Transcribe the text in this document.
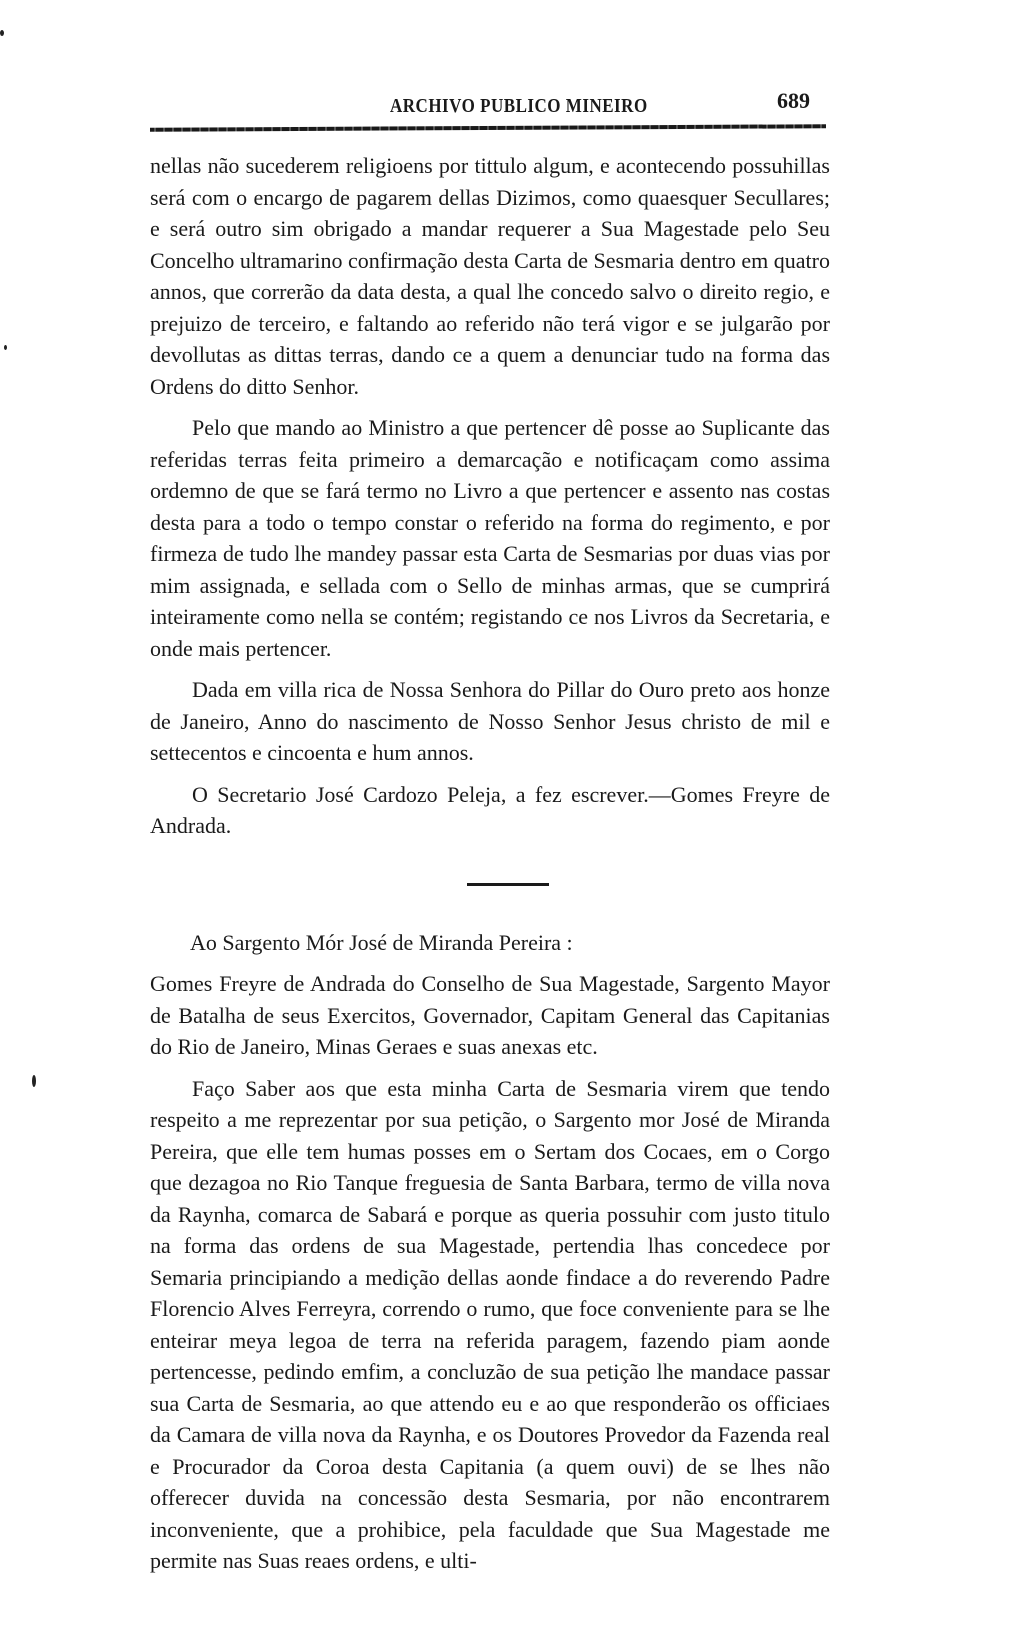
ARCHIVO PUBLICO MINEIRO	689

nellas não sucederem religioens por tittulo algum, e acontecendo possuhillas será com o encargo de pagarem dellas Dizimos, como quaesquer Secullares; e será outro sim obrigado a mandar requerer a Sua Magestade pelo Seu Concelho ultramarino confirmação desta Carta de Sesmaria dentro em quatro annos, que correrão da data desta, a qual lhe concedo salvo o direito regio, e prejuizo de terceiro, e faltando ao referido não terá vigor e se julgarão por devollutas as dittas terras, dando ce a quem a denunciar tudo na forma das Ordens do ditto Senhor.

Pelo que mando ao Ministro a que pertencer dê posse ao Suplicante das referidas terras feita primeiro a demarcação e notificaçam como assima ordemno de que se fará termo no Livro a que pertencer e assento nas costas desta para a todo o tempo constar o referido na forma do regimento, e por firmeza de tudo lhe mandey passar esta Carta de Sesmarias por duas vias por mim assignada, e sellada com o Sello de minhas armas, que se cumprirá inteiramente como nella se contém; registando ce nos Livros da Secretaria, e onde mais pertencer.

Dada em villa rica de Nossa Senhora do Pillar do Ouro preto aos honze de Janeiro, Anno do nascimento de Nosso Senhor Jesus christo de mil e settecentos e cincoenta e hum annos.

O Secretario José Cardozo Peleja, a fez escrever.—Gomes Freyre de Andrada.

Ao Sargento Mór José de Miranda Pereira :

Gomes Freyre de Andrada do Conselho de Sua Magestade, Sargento Mayor de Batalha de seus Exercitos, Governador, Capitam General das Capitanias do Rio de Janeiro, Minas Geraes e suas anexas etc.

Faço Saber aos que esta minha Carta de Sesmaria virem que tendo respeito a me reprezentar por sua petição, o Sargento mor José de Miranda Pereira, que elle tem humas posses em o Sertam dos Cocaes, em o Corgo que dezagoa no Rio Tanque freguesia de Santa Barbara, termo de villa nova da Raynha, comarca de Sabará e porque as queria possuhir com justo titulo na forma das ordens de sua Magestade, pertendia lhas concedece por Semaria principiando a medição dellas aonde findace a do reverendo Padre Florencio Alves Ferreyra, correndo o rumo, que foce conveniente para se lhe enteirar meya legoa de terra na referida paragem, fazendo piam aonde pertencesse, pedindo emfim, a concluzão de sua petição lhe mandace passar sua Carta de Sesmaria, ao que attendo eu e ao que responderão os officiaes da Camara de villa nova da Raynha, e os Doutores Provedor da Fazenda real e Procurador da Coroa desta Capitania (a quem ouvi) de se lhes não offerecer duvida na concessão desta Sesmaria, por não encontrarem inconveniente, que a prohibice, pela faculdade que Sua Magestade me permite nas Suas reaes ordens, e ulti-
